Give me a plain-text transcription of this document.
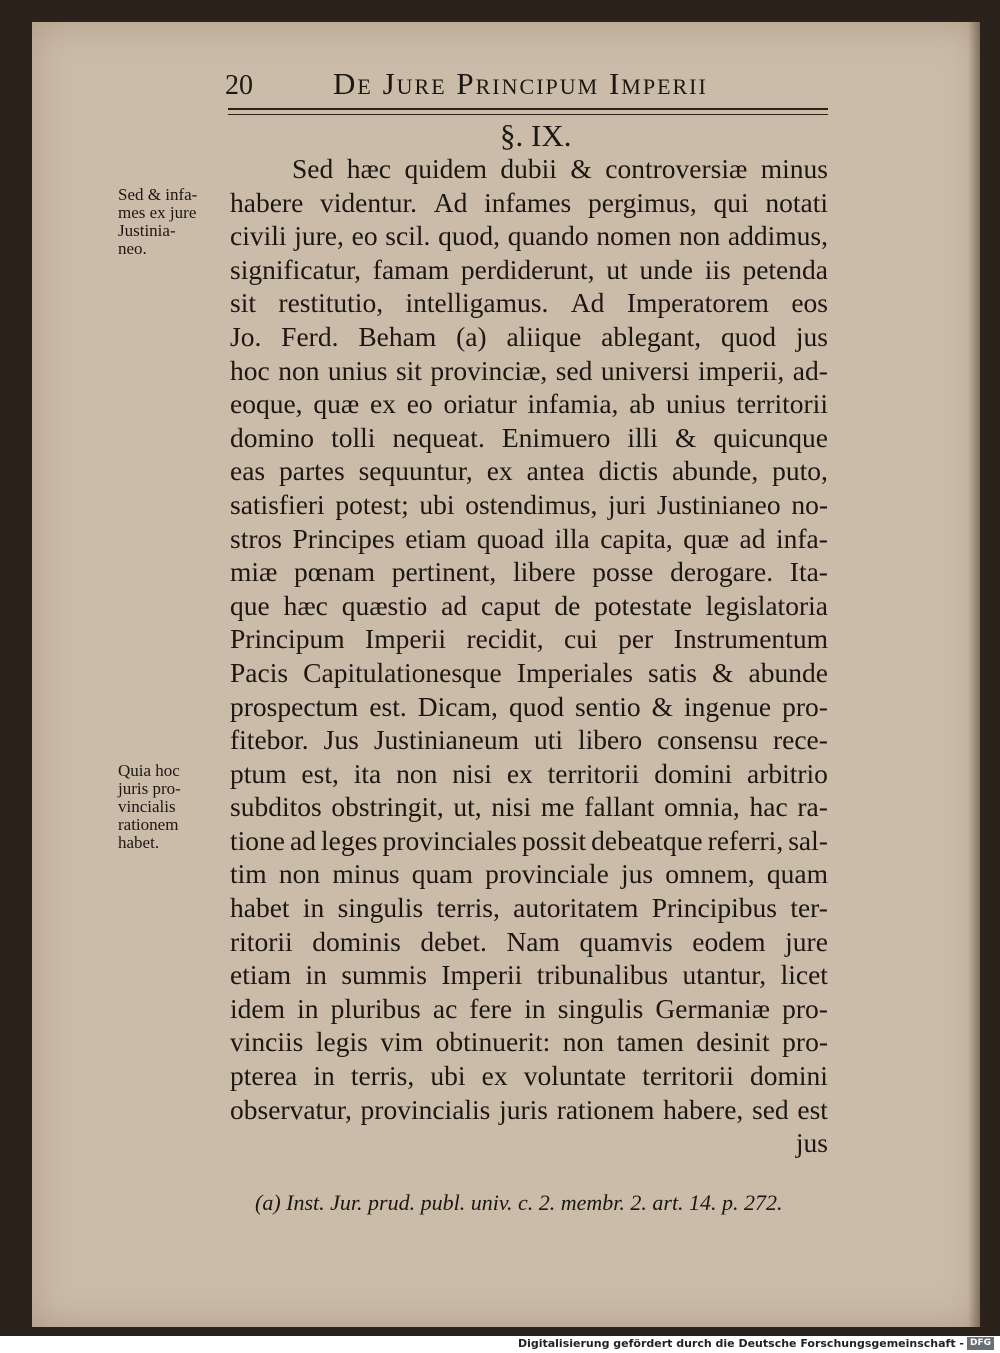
20	De Jure Principum Imperii
§. IX.
Sed & infa-
mes ex jure
Justinia-
neo.
Quia hoc
juris pro-
vincialis
rationem
habet.
Sed hæc quidem dubii & controversiæ minus
habere videntur. Ad infames pergimus, qui notati
civili jure, eo scil. quod, quando nomen non addimus,
significatur, famam perdiderunt, ut unde iis petenda
sit restitutio, intelligamus. Ad Imperatorem eos
Jo. Ferd. Beham (a) aliique ablegant, quod jus
hoc non unius sit provinciæ, sed universi imperii, ad-
eoque, quæ ex eo oriatur infamia, ab unius territorii
domino tolli nequeat. Enimuero illi & quicunque
eas partes sequuntur, ex antea dictis abunde, puto,
satisfieri potest; ubi ostendimus, juri Justinianeo no-
stros Principes etiam quoad illa capita, quæ ad infa-
miæ pœnam pertinent, libere posse derogare. Ita-
que hæc quæstio ad caput de potestate legislatoria
Principum Imperii recidit, cui per Instrumentum
Pacis Capitulationesque Imperiales satis & abunde
prospectum est. Dicam, quod sentio & ingenue pro-
fitebor. Jus Justinianeum uti libero consensu rece-
ptum est, ita non nisi ex territorii domini arbitrio
subditos obstringit, ut, nisi me fallant omnia, hac ra-
tione ad leges provinciales possit debeatque referri, sal-
tim non minus quam provinciale jus omnem, quam
habet in singulis terris, autoritatem Principibus ter-
ritorii dominis debet. Nam quamvis eodem jure
etiam in summis Imperii tribunalibus utantur, licet
idem in pluribus ac fere in singulis Germaniæ pro-
vinciis legis vim obtinuerit: non tamen desinit pro-
pterea in terris, ubi ex voluntate territorii domini
observatur, provincialis juris rationem habere, sed est
jus
(a) Inst. Jur. prud. publ. univ. c. 2. membr. 2. art. 14. p. 272.
Digitalisierung gefördert durch die Deutsche Forschungsgemeinschaft - DFG
